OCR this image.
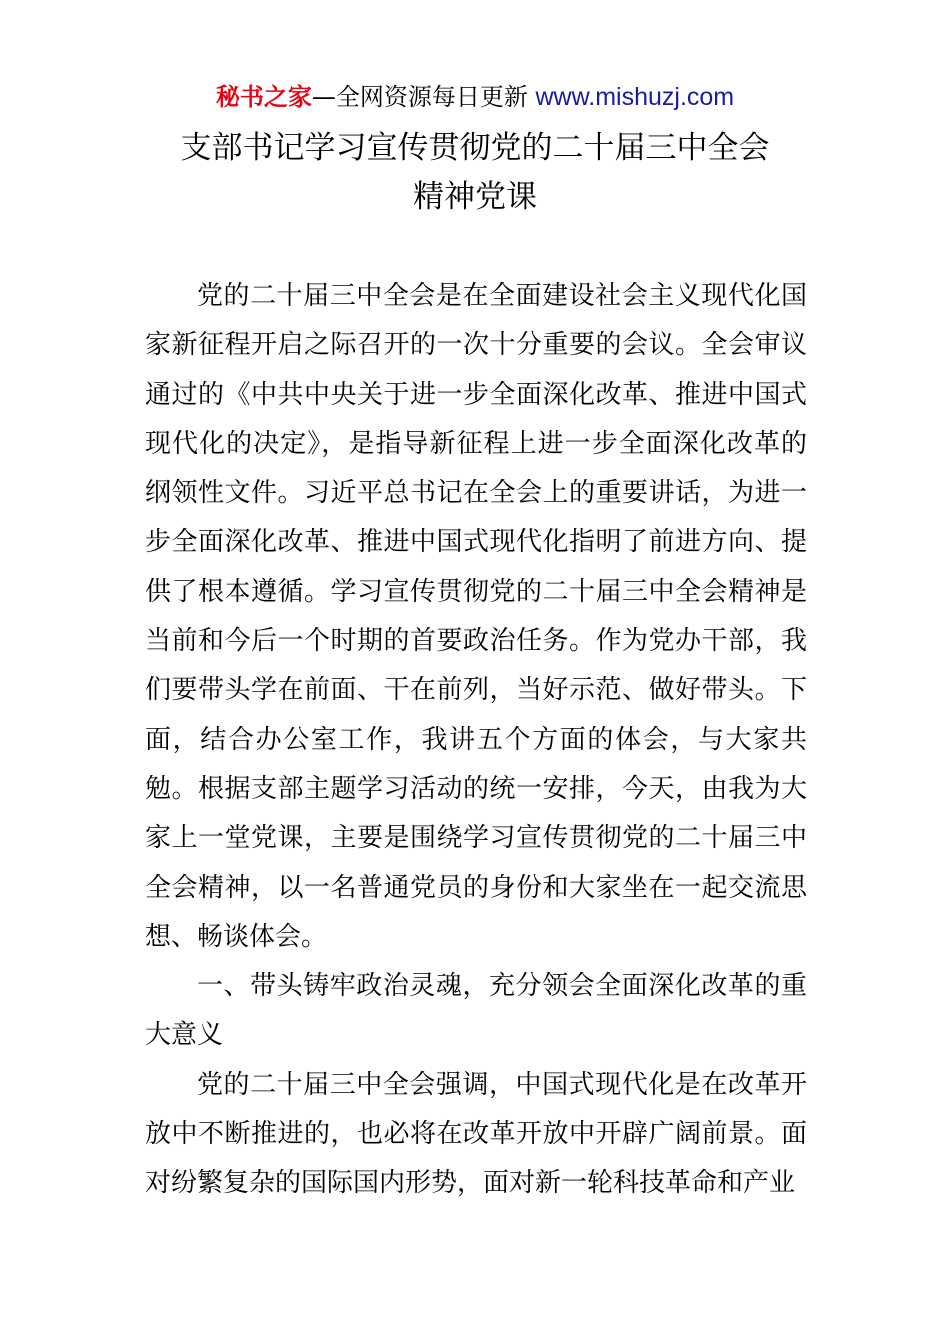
秘书之家—全网资源每日更新 www.mishuzj.com
支部书记学习宣传贯彻党的二十届三中全会
精神党课

党的二十届三中全会是在全面建设社会主义现代化国家新征程开启之际召开的一次十分重要的会议。全会审议通过的《中共中央关于进一步全面深化改革、推进中国式现代化的决定》，是指导新征程上进一步全面深化改革的纲领性文件。习近平总书记在全会上的重要讲话，为进一步全面深化改革、推进中国式现代化指明了前进方向、提供了根本遵循。学习宣传贯彻党的二十届三中全会精神是当前和今后一个时期的首要政治任务。作为党办干部，我们要带头学在前面、干在前列，当好示范、做好带头。下面，结合办公室工作，我讲五个方面的体会，与大家共勉。根据支部主题学习活动的统一安排，今天，由我为大家上一堂党课，主要是围绕学习宣传贯彻党的二十届三中全会精神，以一名普通党员的身份和大家坐在一起交流思想、畅谈体会。

一、带头铸牢政治灵魂，充分领会全面深化改革的重大意义

党的二十届三中全会强调，中国式现代化是在改革开放中不断推进的，也必将在改革开放中开辟广阔前景。面对纷繁复杂的国际国内形势，面对新一轮科技革命和产业
